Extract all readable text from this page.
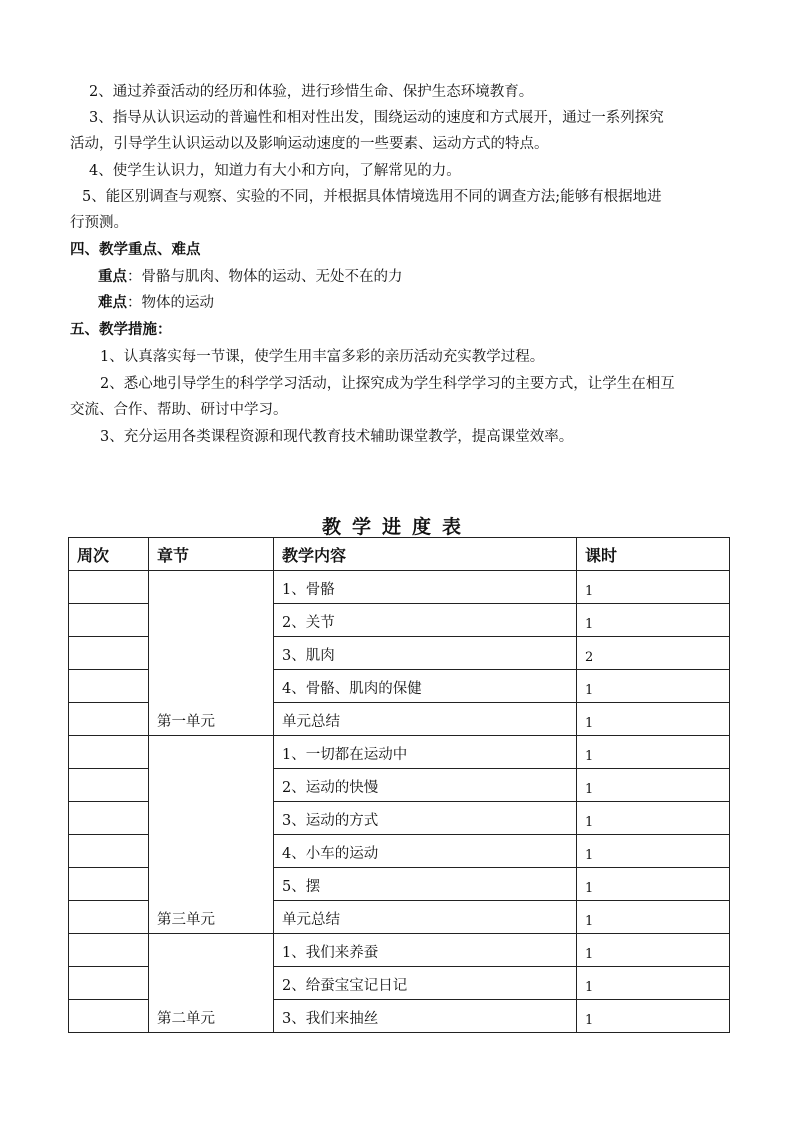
2、通过养蚕活动的经历和体验，进行珍惜生命、保护生态环境教育。
3、指导从认识运动的普遍性和相对性出发，围绕运动的速度和方式展开，通过一系列探究
活动，引导学生认识运动以及影响运动速度的一些要素、运动方式的特点。
4、使学生认识力，知道力有大小和方向，了解常见的力。
5、能区别调查与观察、实验的不同，并根据具体情境选用不同的调查方法;能够有根据地进
行预测。
四、教学重点、难点
重点：骨骼与肌肉、物体的运动、无处不在的力
难点：物体的运动
五、教学措施：
1、认真落实每一节课，使学生用丰富多彩的亲历活动充实教学过程。
2、悉心地引导学生的科学学习活动，让探究成为学生科学学习的主要方式，让学生在相互
交流、合作、帮助、研讨中学习。
3、充分运用各类课程资源和现代教育技术辅助课堂教学，提高课堂效率。
教学进度表
周次	章节	教学内容	课时
	第一单元	1、骨骼	1
		2、关节	1
		3、肌肉	2
		4、骨骼、肌肉的保健	1
		单元总结	1
	第三单元	1、一切都在运动中	1
		2、运动的快慢	1
		3、运动的方式	1
		4、小车的运动	1
		5、摆	1
		单元总结	1
	第二单元	1、我们来养蚕	1
		2、给蚕宝宝记日记	1
		3、我们来抽丝	1
